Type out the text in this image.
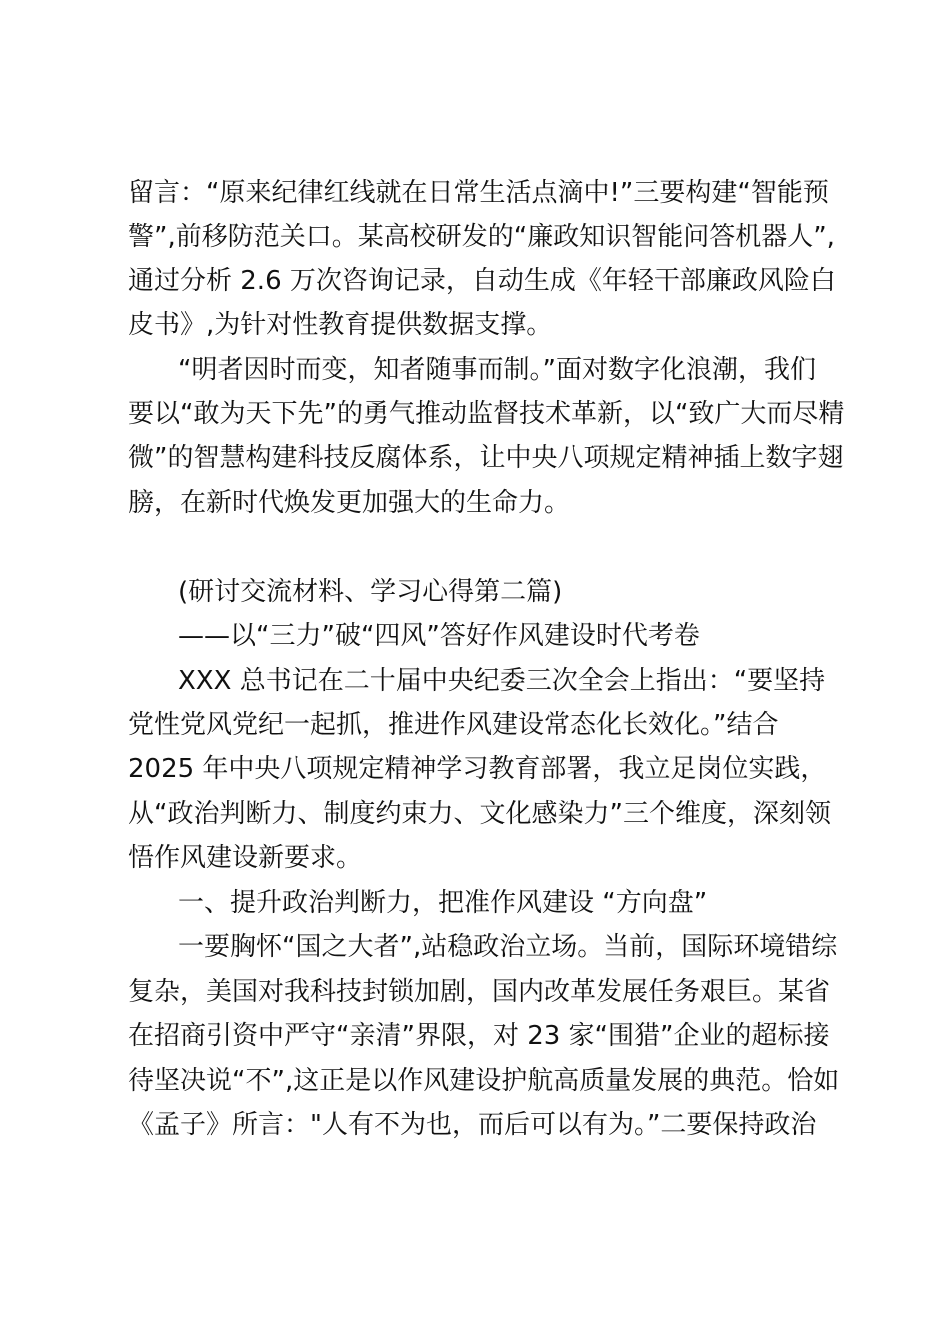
留言：“原来纪律红线就在日常生活点滴中!”三要构建“智能预
警”,前移防范关口。某高校研发的“廉政知识智能问答机器人”,
通过分析 2.6 万次咨询记录，自动生成《年轻干部廉政风险白
皮书》,为针对性教育提供数据支撑。
“明者因时而变，知者随事而制。”面对数字化浪潮，我们
要以“敢为天下先”的勇气推动监督技术革新，以“致广大而尽精
微”的智慧构建科技反腐体系，让中央八项规定精神插上数字翅
膀，在新时代焕发更加强大的生命力。
(研讨交流材料、学习心得第二篇)
——以“三力”破“四风”答好作风建设时代考卷
XXX 总书记在二十届中央纪委三次全会上指出：“要坚持
党性党风党纪一起抓，推进作风建设常态化长效化。”结合
2025 年中央八项规定精神学习教育部署，我立足岗位实践，
从“政治判断力、制度约束力、文化感染力”三个维度，深刻领
悟作风建设新要求。
一、提升政治判断力，把准作风建设 “方向盘”
一要胸怀“国之大者”,站稳政治立场。当前，国际环境错综
复杂，美国对我科技封锁加剧，国内改革发展任务艰巨。某省
在招商引资中严守“亲清”界限，对 23 家“围猎”企业的超标接
待坚决说“不”,这正是以作风建设护航高质量发展的典范。恰如
《孟子》所言："人有不为也，而后可以有为。”二要保持政治
